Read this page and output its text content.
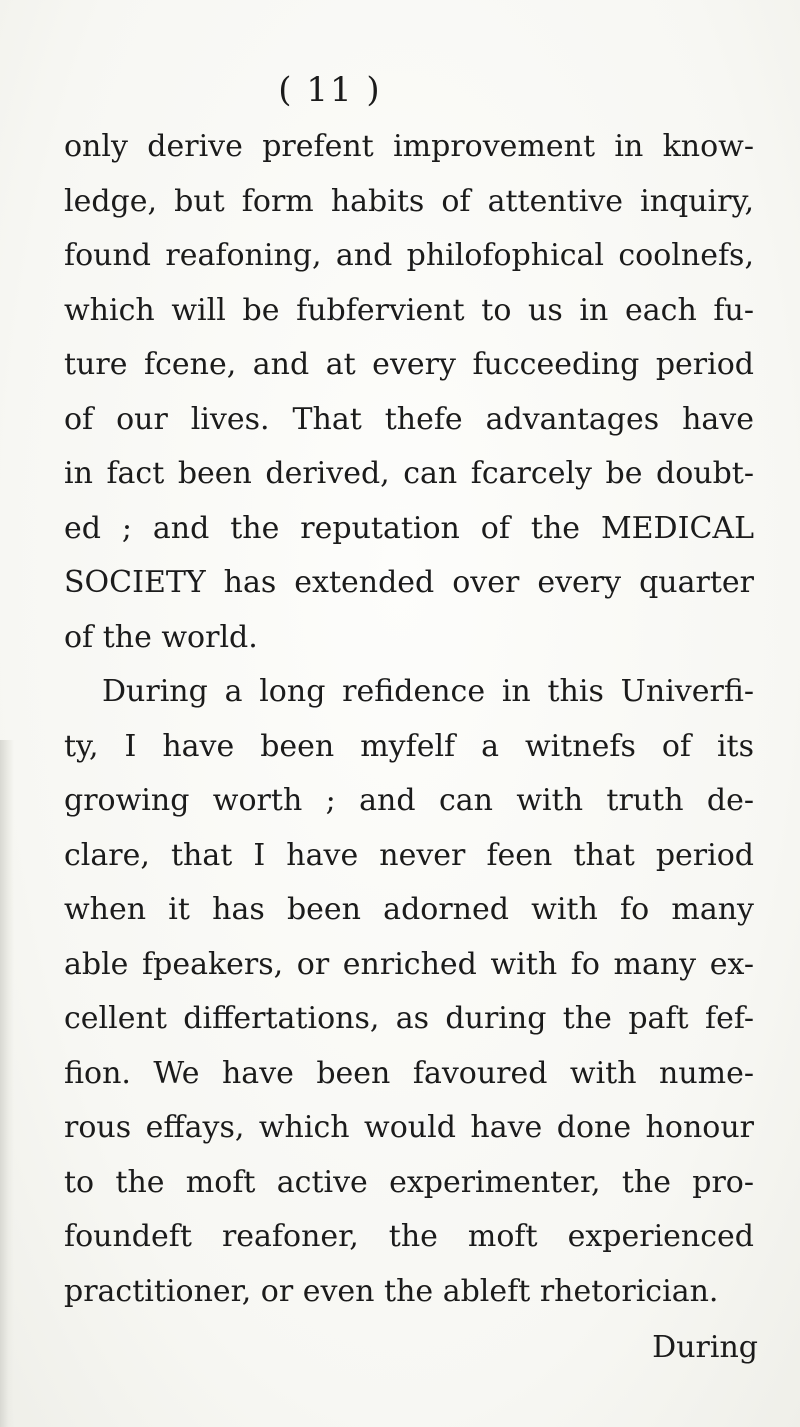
( 11 )
only derive prefent improvement in know-
ledge, but form habits of attentive inquiry,
found reafoning, and philofophical coolnefs,
which will be fubfervient to us in each fu-
ture fcene, and at every fucceeding period
of our lives. That thefe advantages have
in fact been derived, can fcarcely be doubt-
ed ; and the reputation of the MEDICAL
SOCIETY has extended over every quarter
of the world.
During a long refidence in this Univerfi-
ty, I have been myfelf a witnefs of its
growing worth ; and can with truth de-
clare, that I have never feen that period
when it has been adorned with fo many
able fpeakers, or enriched with fo many ex-
cellent differtations, as during the paft fef-
fion. We have been favoured with nume-
rous effays, which would have done honour
to the moft active experimenter, the pro-
foundeft reafoner, the moft experienced
practitioner, or even the ableft rhetorician.
During
